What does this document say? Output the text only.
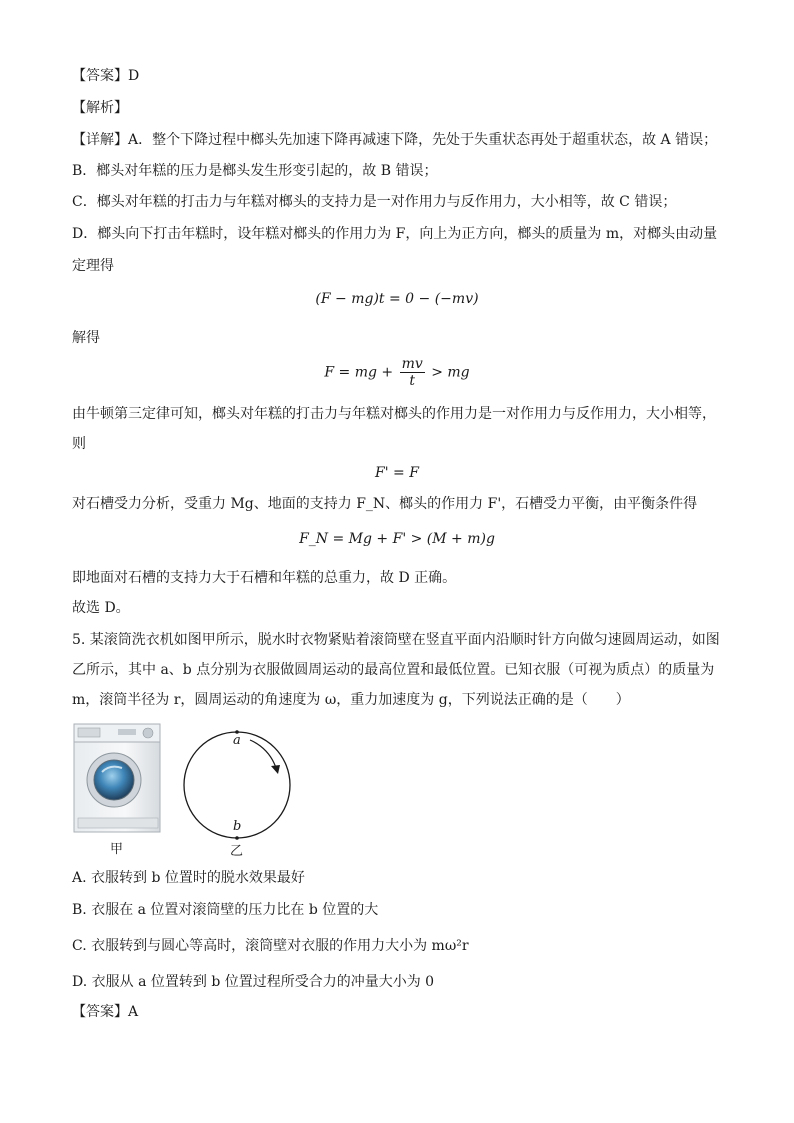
【答案】D
【解析】
【详解】A．整个下降过程中榔头先加速下降再减速下降，先处于失重状态再处于超重状态，故 A 错误；
B．榔头对年糕的压力是榔头发生形变引起的，故 B 错误；
C．榔头对年糕的打击力与年糕对榔头的支持力是一对作用力与反作用力，大小相等，故 C 错误；
D．榔头向下打击年糕时，设年糕对榔头的作用力为 F，向上为正方向，榔头的质量为 m，对榔头由动量
定理得
(F − mg)t = 0 − (−mv)
解得
F = mg + $\frac{mv}{t}$ > mg
由牛顿第三定律可知，榔头对年糕的打击力与年糕对榔头的作用力是一对作用力与反作用力，大小相等，
则
F' = F
对石槽受力分析，受重力 Mg、地面的支持力 F_N、榔头的作用力 F'，石槽受力平衡，由平衡条件得
F_N = Mg + F' > (M + m)g
即地面对石槽的支持力大于石槽和年糕的总重力，故 D 正确。
故选 D。
5. 某滚筒洗衣机如图甲所示，脱水时衣物紧贴着滚筒壁在竖直平面内沿顺时针方向做匀速圆周运动，如图
乙所示，其中 a、b 点分别为衣服做圆周运动的最高位置和最低位置。已知衣服（可视为质点）的质量为
m，滚筒半径为 r，圆周运动的角速度为 ω，重力加速度为 g，下列说法正确的是（　　）
甲
a
b
乙
A. 衣服转到 b 位置时的脱水效果最好
B. 衣服在 a 位置对滚筒壁的压力比在 b 位置的大
C. 衣服转到与圆心等高时，滚筒壁对衣服的作用力大小为 mω²r
D. 衣服从 a 位置转到 b 位置过程所受合力的冲量大小为 0
【答案】A
